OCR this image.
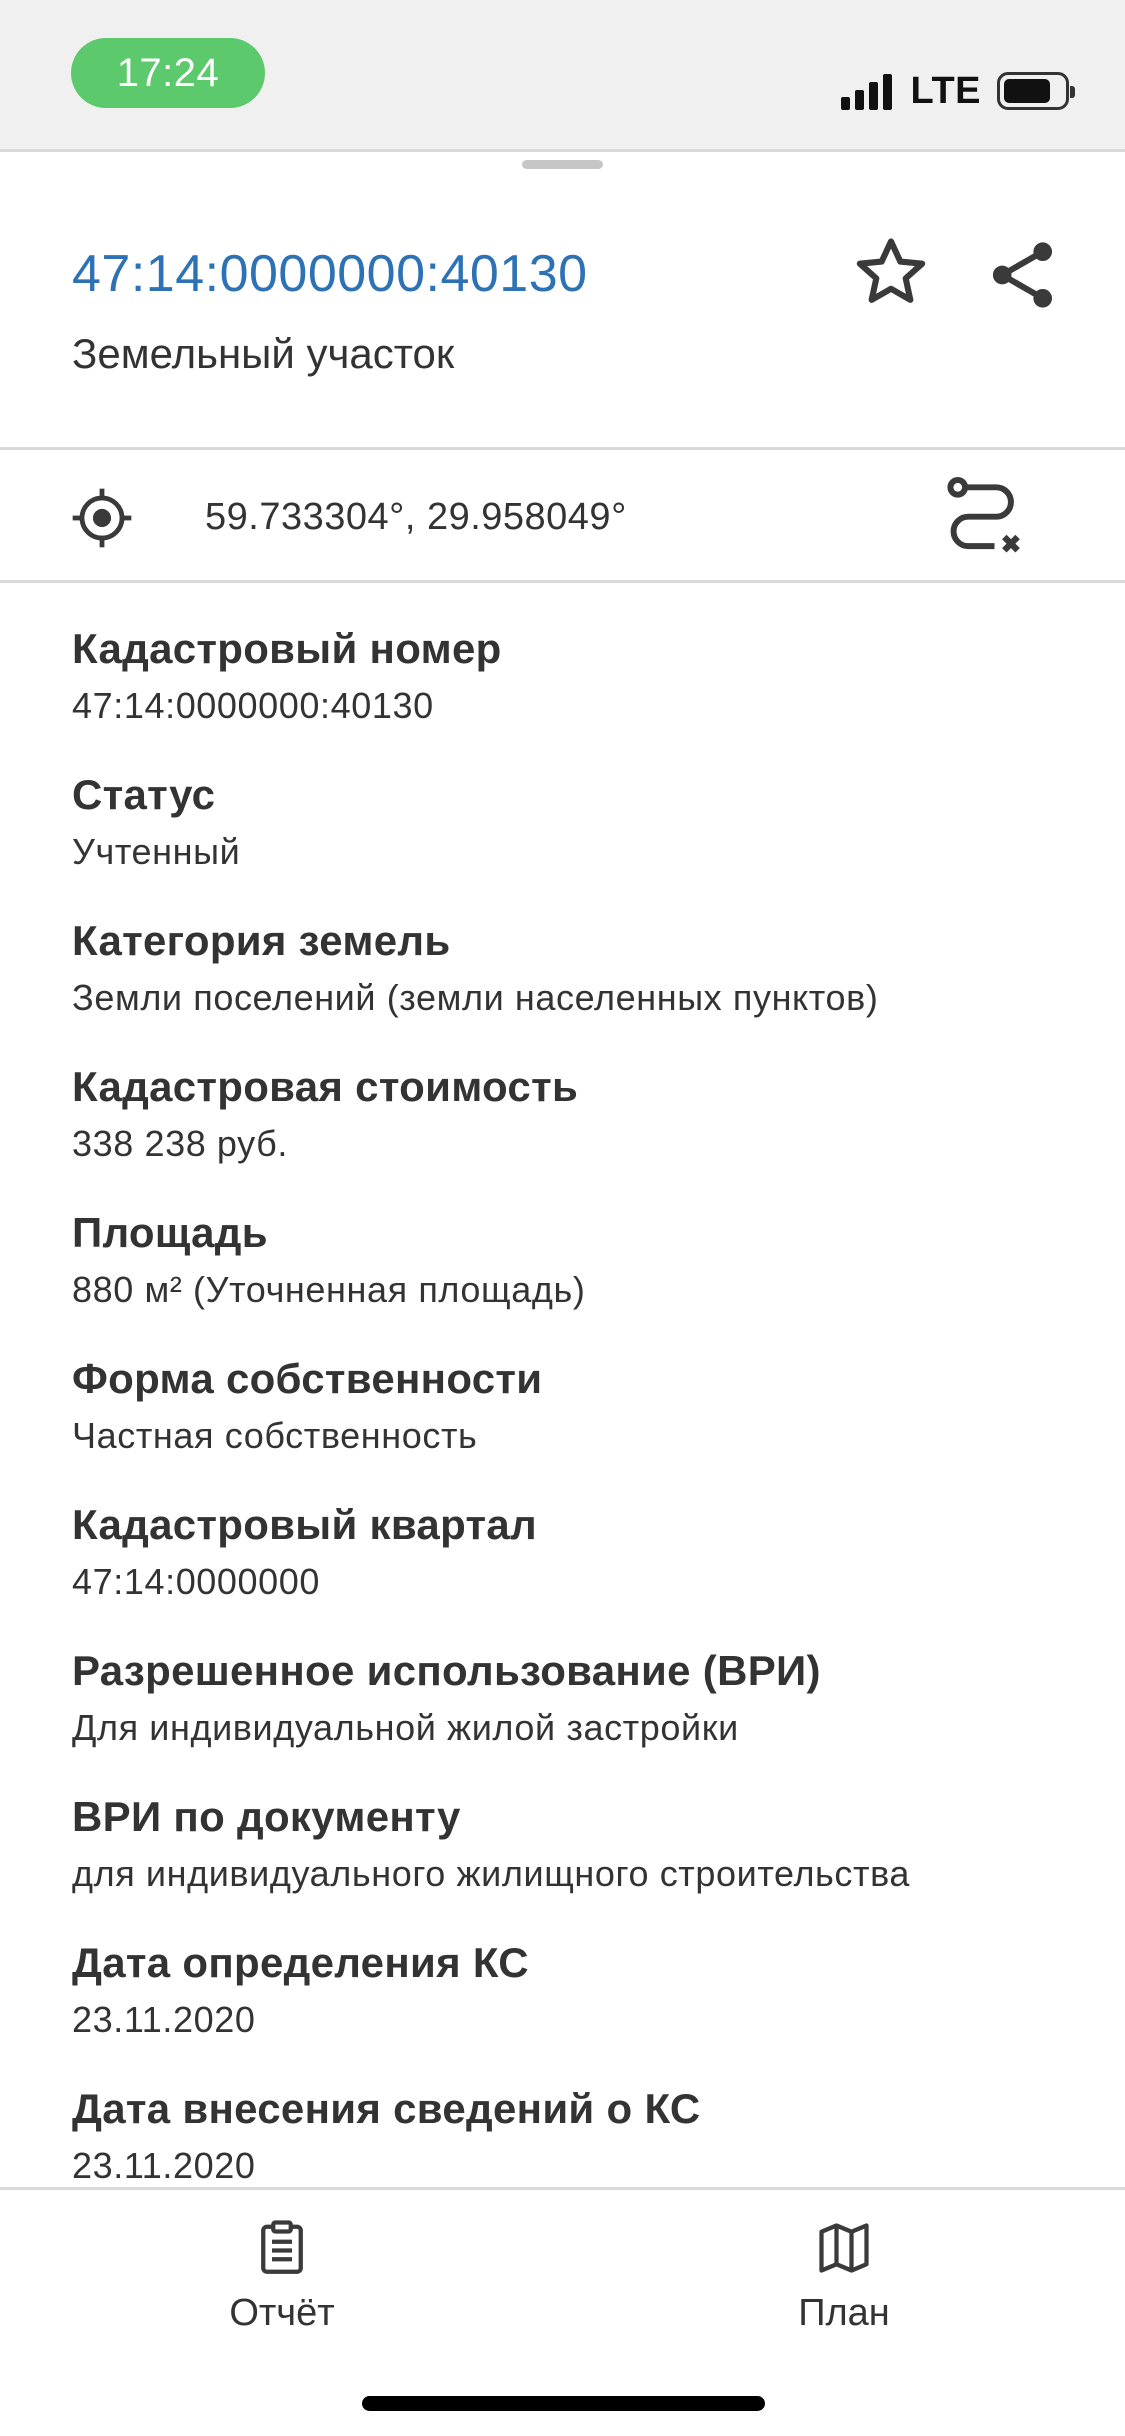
17:24	LTE
47:14:0000000:40130
Земельный участок
59.733304°, 29.958049°
Кадастровый номер
47:14:0000000:40130
Статус
Учтенный
Категория земель
Земли поселений (земли населенных пунктов)
Кадастровая стоимость
338 238 руб.
Площадь
880 м² (Уточненная площадь)
Форма собственности
Частная собственность
Кадастровый квартал
47:14:0000000
Разрешенное использование (ВРИ)
Для индивидуальной жилой застройки
ВРИ по документу
для индивидуального жилищного строительства
Дата определения КС
23.11.2020
Дата внесения сведений о КС
23.11.2020
Отчёт	План
